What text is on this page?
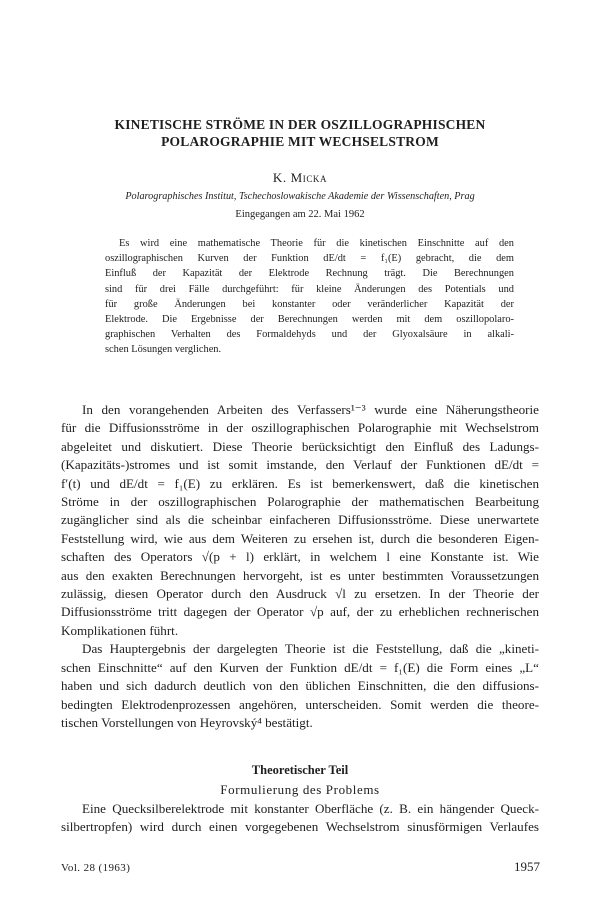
KINETISCHE STRÖME IN DER OSZILLOGRAPHISCHEN
POLAROGRAPHIE MIT WECHSELSTROM
K. Micka
Polarographisches Institut, Tschechoslowakische Akademie der Wissenschaften, Prag
Eingegangen am 22. Mai 1962
Es wird eine mathematische Theorie für die kinetischen Einschnitte auf den
oszillographischen Kurven der Funktion dE/dt = f₁(E) gebracht, die dem
Einfluß der Kapazität der Elektrode Rechnung trägt. Die Berechnungen
sind für drei Fälle durchgeführt: für kleine Änderungen des Potentials und
für große Änderungen bei konstanter oder veränderlicher Kapazität der
Elektrode. Die Ergebnisse der Berechnungen werden mit dem oszillopolaro-
graphischen Verhalten des Formaldehyds und der Glyoxalsäure in alkali-
schen Lösungen verglichen.
In den vorangehenden Arbeiten des Verfassers¹⁻³ wurde eine Näherungstheorie
für die Diffusionsströme in der oszillographischen Polarographie mit Wechselstrom
abgeleitet und diskutiert. Diese Theorie berücksichtigt den Einfluß des Ladungs-
(Kapazitäts-)stromes und ist somit imstande, den Verlauf der Funktionen dE/dt =
f′(t) und dE/dt = f₁(E) zu erklären. Es ist bemerkenswert, daß die kinetischen
Ströme in der oszillographischen Polarographie der mathematischen Bearbeitung
zugänglicher sind als die scheinbar einfacheren Diffusionsströme. Diese unerwartete
Feststellung wird, wie aus dem Weiteren zu ersehen ist, durch die besonderen Eigen-
schaften des Operators √(p + l) erklärt, in welchem l eine Konstante ist. Wie
aus den exakten Berechnungen hervorgeht, ist es unter bestimmten Voraussetzungen
zulässig, diesen Operator durch den Ausdruck √l zu ersetzen. In der Theorie der
Diffusionsströme tritt dagegen der Operator √p auf, der zu erheblichen rechnerischen
Komplikationen führt.
Das Hauptergebnis der dargelegten Theorie ist die Feststellung, daß die „kineti-
schen Einschnitte“ auf den Kurven der Funktion dE/dt = f₁(E) die Form eines „L“
haben und sich dadurch deutlich von den üblichen Einschnitten, die den diffusions-
bedingten Elektrodenprozessen angehören, unterscheiden. Somit werden die theore-
tischen Vorstellungen von Heyrovský⁴ bestätigt.
Theoretischer Teil
Formulierung des Problems
Eine Quecksilberelektrode mit konstanter Oberfläche (z. B. ein hängender Queck-
silbertropfen) wird durch einen vorgegebenen Wechselstrom sinusförmigen Verlaufes
Vol. 28 (1963)	1957
